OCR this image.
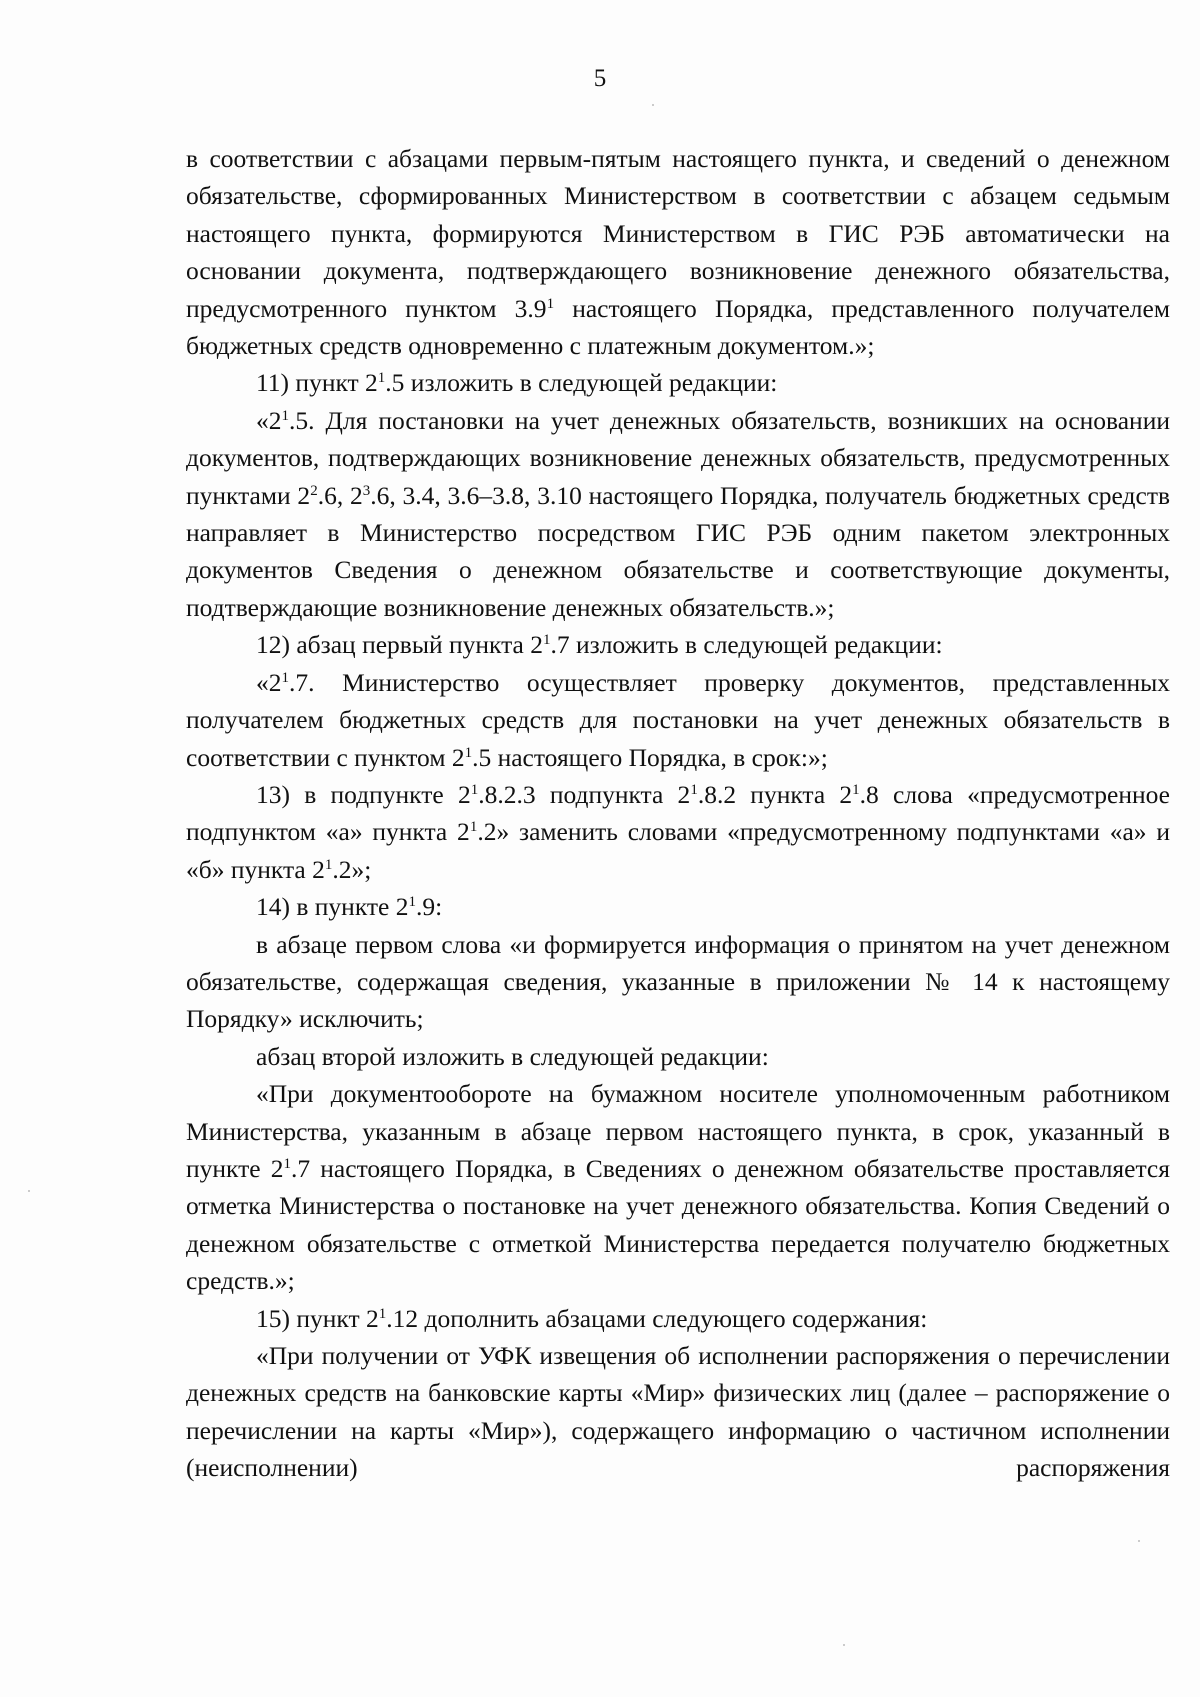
5

в соответствии с абзацами первым-пятым настоящего пункта, и сведений о денежном обязательстве, сформированных Министерством в соответствии с абзацем седьмым настоящего пункта, формируются Министерством в ГИС РЭБ автоматически на основании документа, подтверждающего возникновение денежного обязательства, предусмотренного пунктом $3.9^1$ настоящего Порядка, представленного получателем бюджетных средств одновременно с платежным документом.»;

11) пункт $2^1.5$ изложить в следующей редакции:

«$2^1.5$. Для постановки на учет денежных обязательств, возникших на основании документов, подтверждающих возникновение денежных обязательств, предусмотренных пунктами $2^2.6$, $2^3.6$, 3.4, 3.6–3.8, 3.10 настоящего Порядка, получатель бюджетных средств направляет в Министерство посредством ГИС РЭБ одним пакетом электронных документов Сведения о денежном обязательстве и соответствующие документы, подтверждающие возникновение денежных обязательств.»;

12) абзац первый пункта $2^1.7$ изложить в следующей редакции:

«$2^1.7$. Министерство осуществляет проверку документов, представленных получателем бюджетных средств для постановки на учет денежных обязательств в соответствии с пунктом $2^1.5$ настоящего Порядка, в срок:»;

13) в подпункте $2^1.8.2.3$ подпункта $2^1.8.2$ пункта $2^1.8$ слова «предусмотренное подпунктом «а» пункта $2^1.2$» заменить словами «предусмотренному подпунктами «а» и «б» пункта $2^1.2$»;

14) в пункте $2^1.9$:

в абзаце первом слова «и формируется информация о принятом на учет денежном обязательстве, содержащая сведения, указанные в приложении № 14 к настоящему Порядку» исключить;

абзац второй изложить в следующей редакции:

«При документообороте на бумажном носителе уполномоченным работником Министерства, указанным в абзаце первом настоящего пункта, в срок, указанный в пункте $2^1.7$ настоящего Порядка, в Сведениях о денежном обязательстве проставляется отметка Министерства о постановке на учет денежного обязательства. Копия Сведений о денежном обязательстве с отметкой Министерства передается получателю бюджетных средств.»;

15) пункт $2^1.12$ дополнить абзацами следующего содержания:

«При получении от УФК извещения об исполнении распоряжения о перечислении денежных средств на банковские карты «Мир» физических лиц (далее – распоряжение о перечислении на карты «Мир»), содержащего информацию о частичном исполнении (неисполнении) распоряжения
